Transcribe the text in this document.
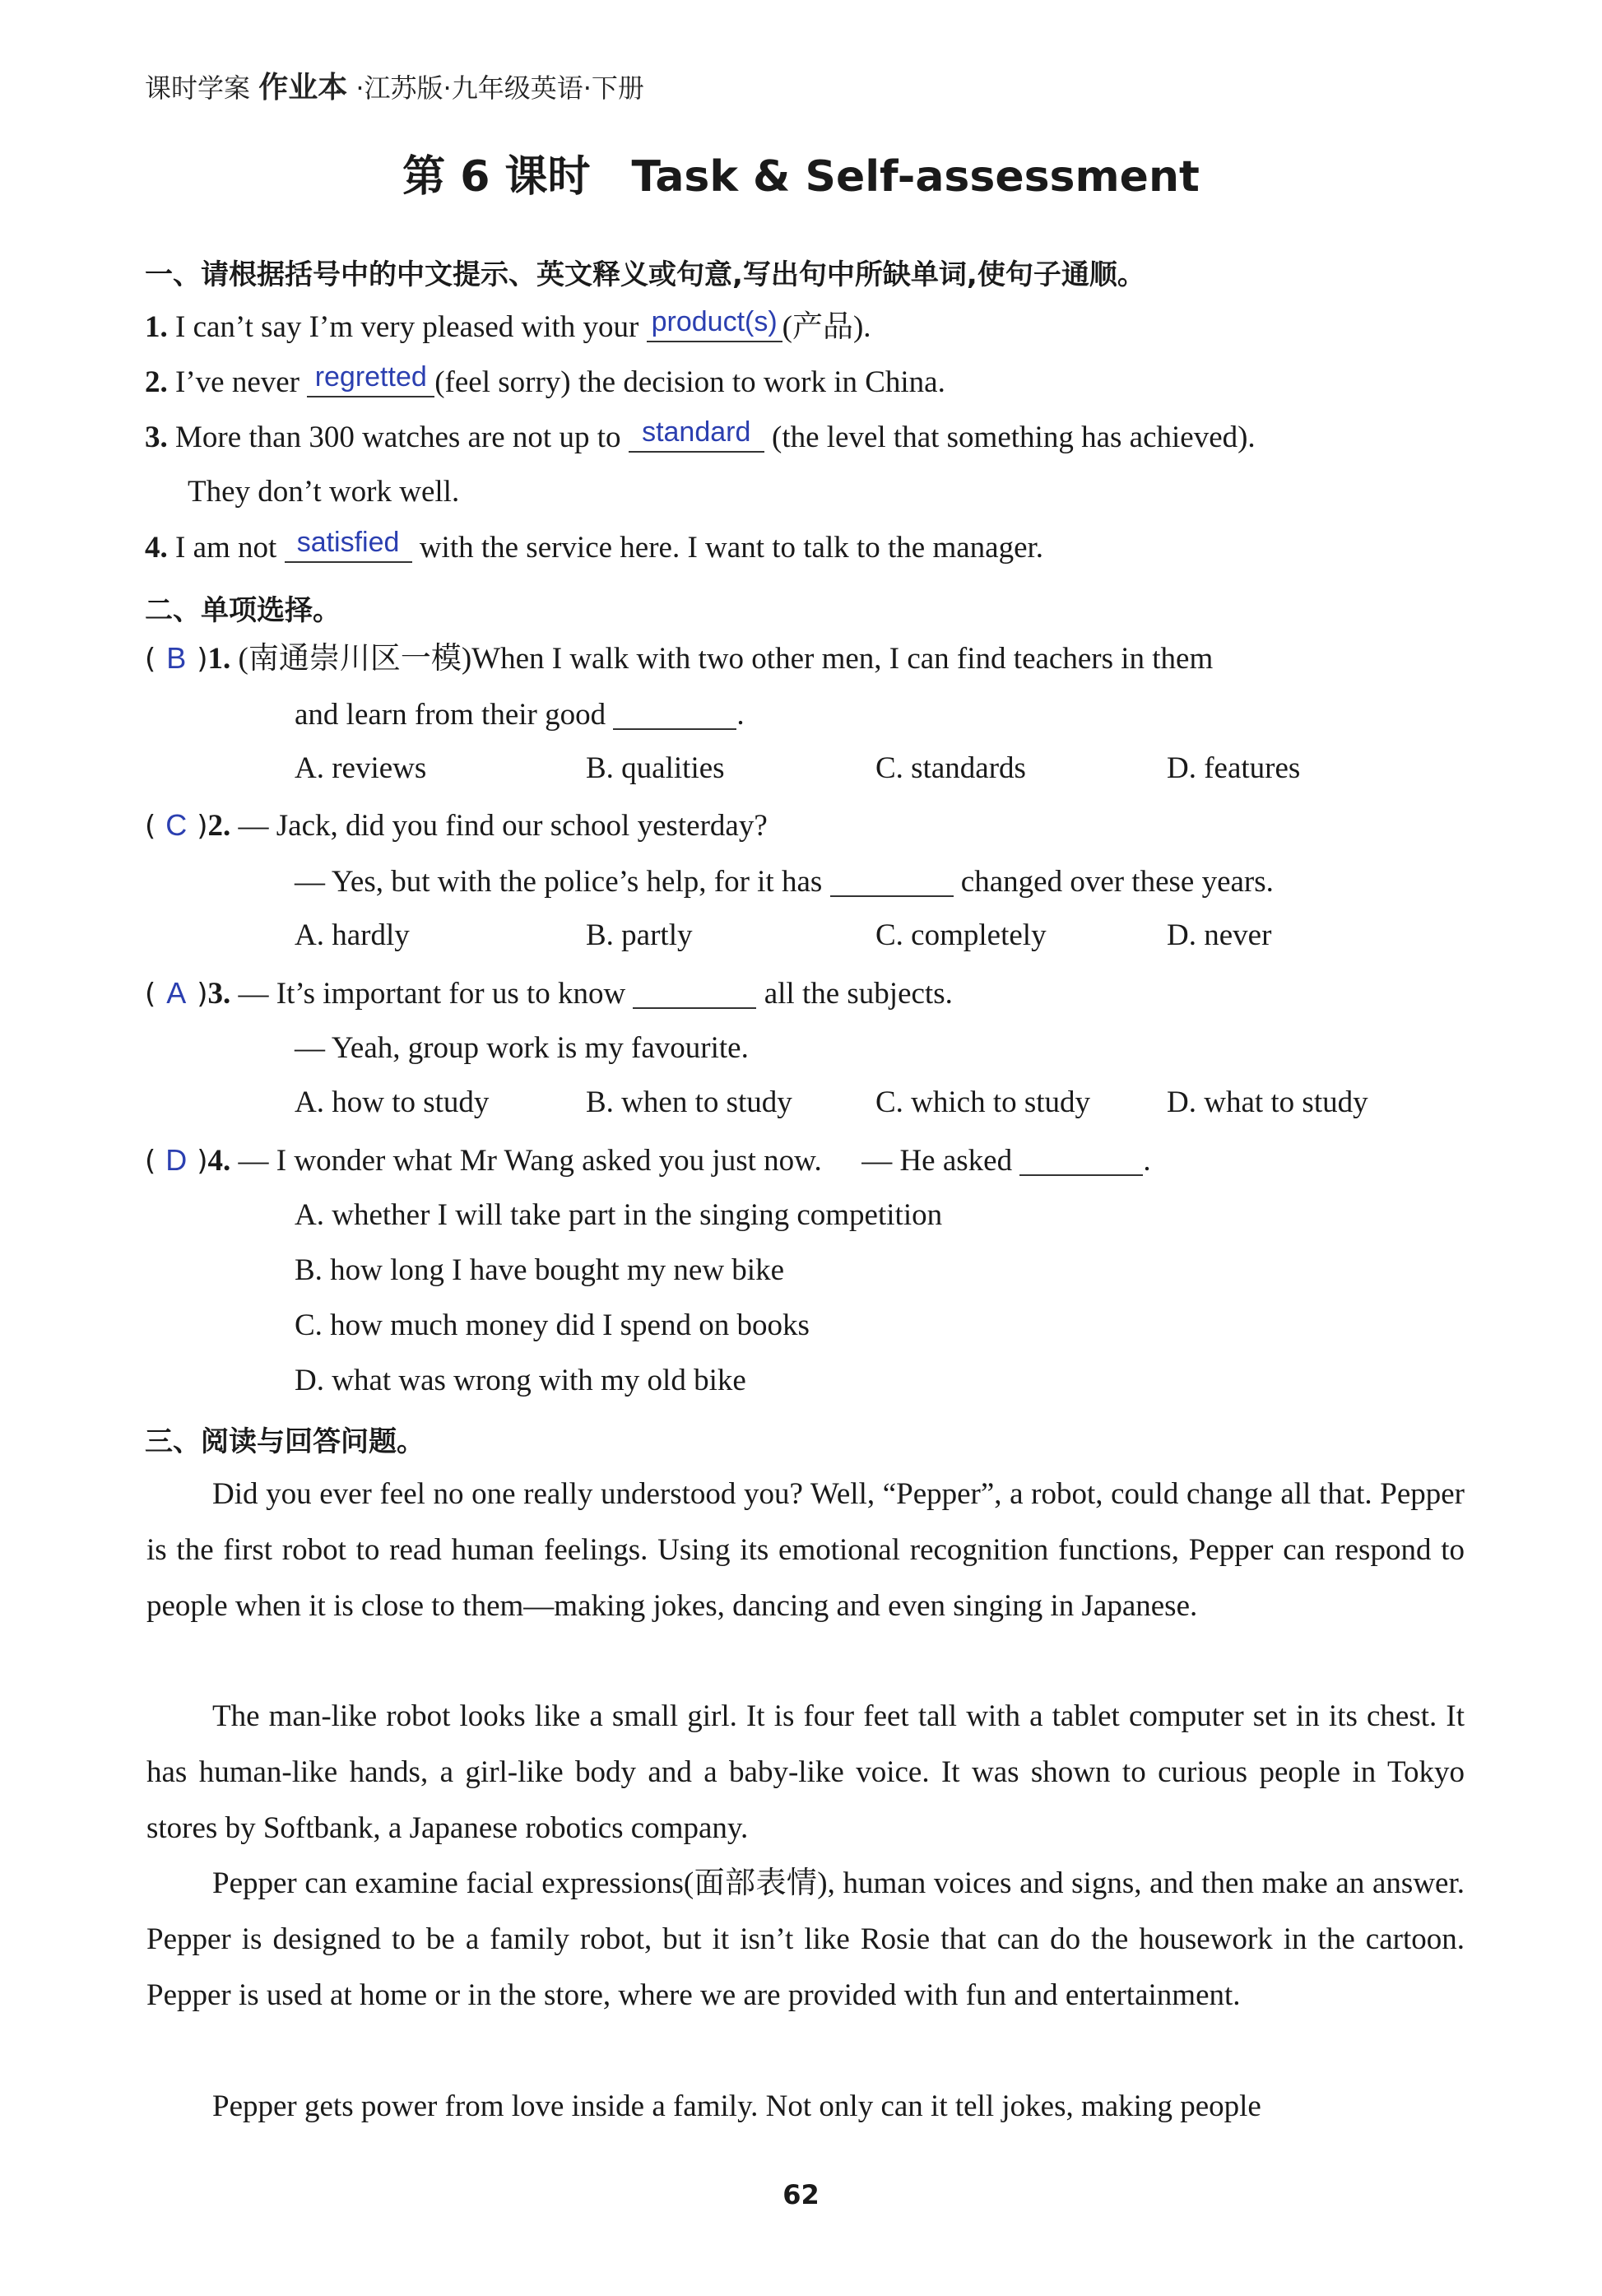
课时学案 作业本 ·江苏版·九年级英语·下册
第 6 课时 Task & Self-assessment
一、请根据括号中的中文提示、英文释义或句意,写出句中所缺单词,使句子通顺。
1. I can’t say I’m very pleased with your product(s) (产品).
2. I’ve never regretted (feel sorry) the decision to work in China.
3. More than 300 watches are not up to standard (the level that something has achieved).
They don’t work well.
4. I am not satisfied with the service here. I want to talk to the manager.
二、单项选择。
( B )1. (南通崇川区一模)When I walk with two other men, I can find teachers in them
and learn from their good	.
A. reviews	B. qualities	C. standards	D. features
( C )2. — Jack, did you find our school yesterday?
— Yes, but with the police’s help, for it has	changed over these years.
A. hardly	B. partly	C. completely	D. never
( A )3. — It’s important for us to know	all the subjects.
— Yeah, group work is my favourite.
A. how to study	B. when to study	C. which to study	D. what to study
( D )4. — I wonder what Mr Wang asked you just now. — He asked	.
A. whether I will take part in the singing competition
B. how long I have bought my new bike
C. how much money did I spend on books
D. what was wrong with my old bike
三、阅读与回答问题。

Did you ever feel no one really understood you? Well, “Pepper”, a robot, could change all that. Pepper is the first robot to read human feelings. Using its emotional recognition functions, Pepper can respond to people when it is close to them—making jokes, dancing and even singing in Japanese.

The man-like robot looks like a small girl. It is four feet tall with a tablet computer set in its chest. It has human-like hands, a girl-like body and a baby-like voice. It was shown to curious people in Tokyo stores by Softbank, a Japanese robotics company.

Pepper can examine facial expressions(面部表情), human voices and signs, and then make an answer. Pepper is designed to be a family robot, but it isn’t like Rosie that can do the housework in the cartoon. Pepper is used at home or in the store, where we are provided with fun and entertainment.

Pepper gets power from love inside a family. Not only can it tell jokes, making people

62
